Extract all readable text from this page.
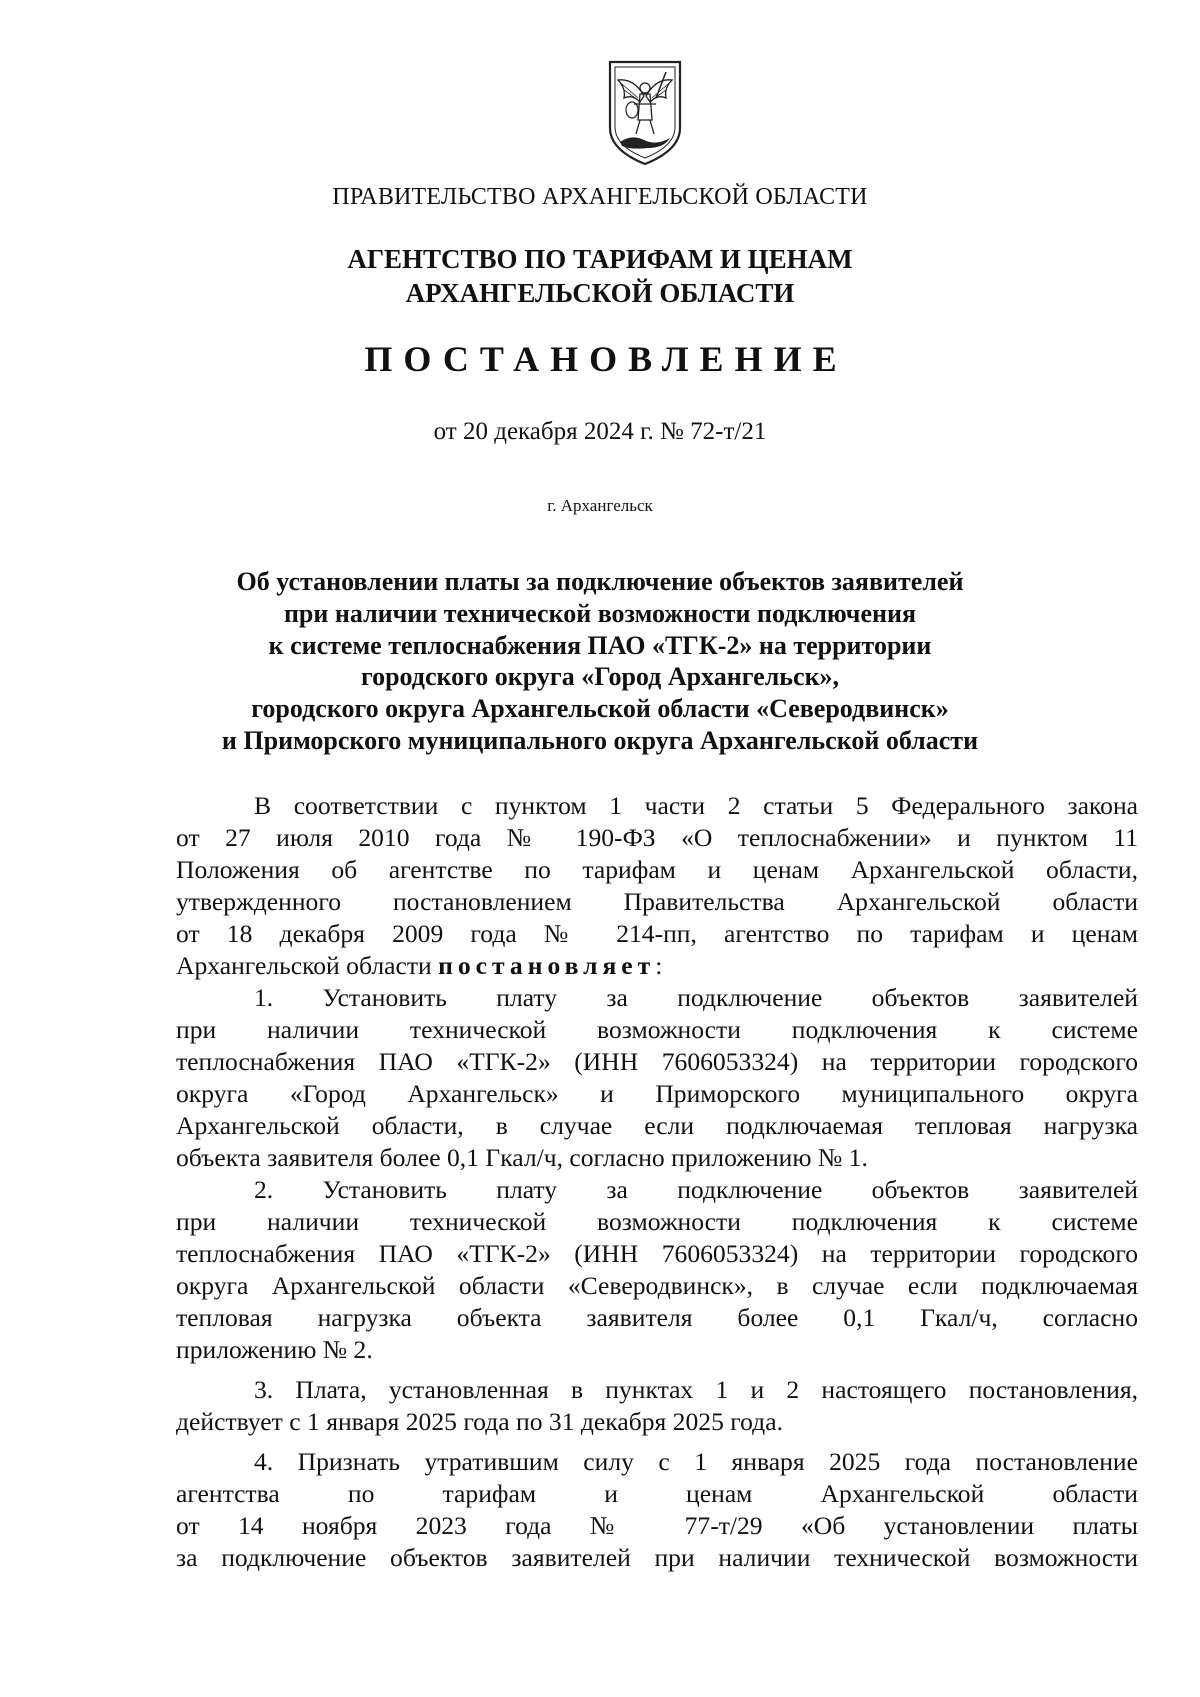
ПРАВИТЕЛЬСТВО АРХАНГЕЛЬСКОЙ ОБЛАСТИ
АГЕНТСТВО ПО ТАРИФАМ И ЦЕНАМ
АРХАНГЕЛЬСКОЙ ОБЛАСТИ
ПОСТАНОВЛЕНИЕ
от 20 декабря 2024 г. № 72-т/21
г. Архангельск
Об установлении платы за подключение объектов заявителей
при наличии технической возможности подключения
к системе теплоснабжения ПАО «ТГК-2» на территории
городского округа «Город Архангельск»,
городского округа Архангельской области «Северодвинск»
и Приморского муниципального округа Архангельской области
В соответствии с пунктом 1 части 2 статьи 5 Федерального закона
от 27 июля 2010 года № 190-ФЗ «О теплоснабжении» и пунктом 11
Положения об агентстве по тарифам и ценам Архангельской области,
утвержденного постановлением Правительства Архангельской области
от 18 декабря 2009 года № 214-пп, агентство по тарифам и ценам
Архангельской области постановляет:
1. Установить плату за подключение объектов заявителей
при наличии технической возможности подключения к системе
теплоснабжения ПАО «ТГК-2» (ИНН 7606053324) на территории городского
округа «Город Архангельск» и Приморского муниципального округа
Архангельской области, в случае если подключаемая тепловая нагрузка
объекта заявителя более 0,1 Гкал/ч, согласно приложению № 1.
2. Установить плату за подключение объектов заявителей
при наличии технической возможности подключения к системе
теплоснабжения ПАО «ТГК-2» (ИНН 7606053324) на территории городского
округа Архангельской области «Северодвинск», в случае если подключаемая
тепловая нагрузка объекта заявителя более 0,1 Гкал/ч, согласно
приложению № 2.
3. Плата, установленная в пунктах 1 и 2 настоящего постановления,
действует с 1 января 2025 года по 31 декабря 2025 года.
4. Признать утратившим силу с 1 января 2025 года постановление
агентства по тарифам и ценам Архангельской области
от 14 ноября 2023 года № 77-т/29 «Об установлении платы
за подключение объектов заявителей при наличии технической возможности
